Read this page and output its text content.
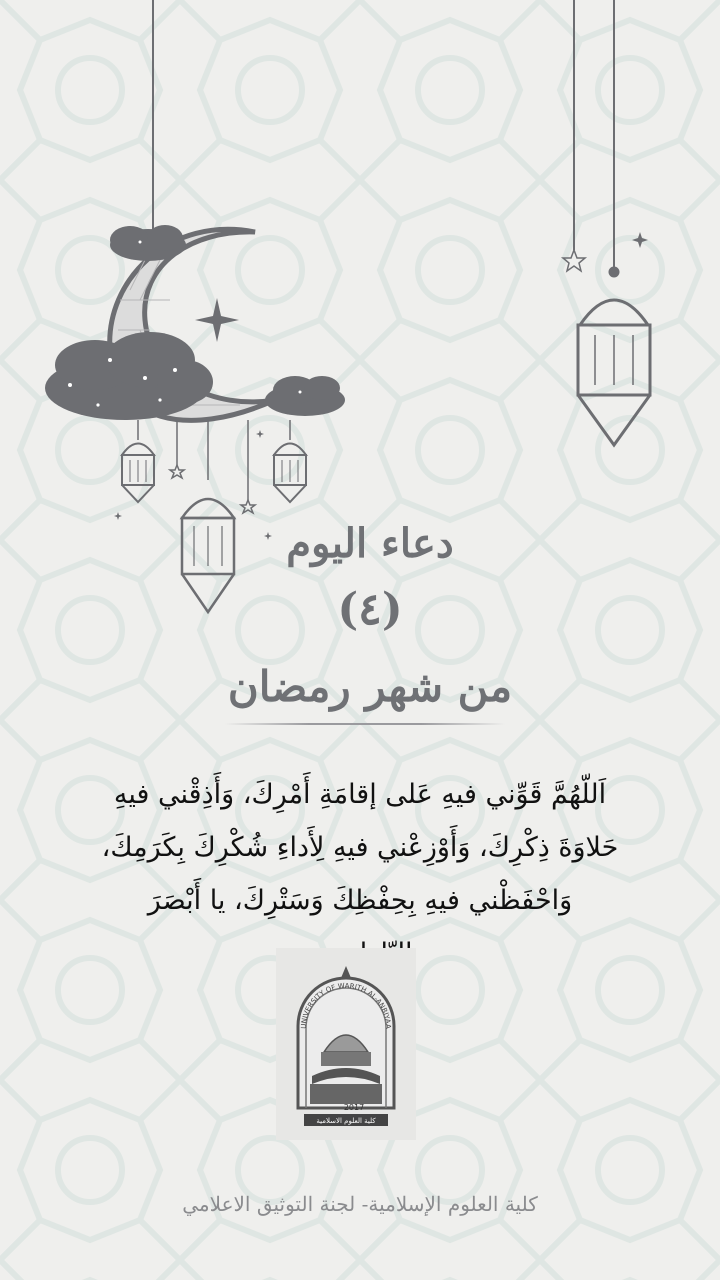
دعاء اليوم
(٤)
من شهر رمضان
اَللّهُمَّ قَوِّني فيهِ عَلى إقامَةِ أَمْرِكَ، وَأَذِقْني فيهِ حَلاوَةَ ذِكْرِكَ، وَأَوْزِعْني فيهِ لِأَداءِ شُكْرِكَ بِكَرَمِكَ، وَاحْفَظْني فيهِ بِحِفْظِكَ وَسَتْرِكَ، يا أَبْصَرَ
UNIVERSITY OF WARITH AL-ANBIYAA
2017
كلية العلوم الاسلامية
كلية العلوم الإسلامية- لجنة التوثيق الاعلامي
